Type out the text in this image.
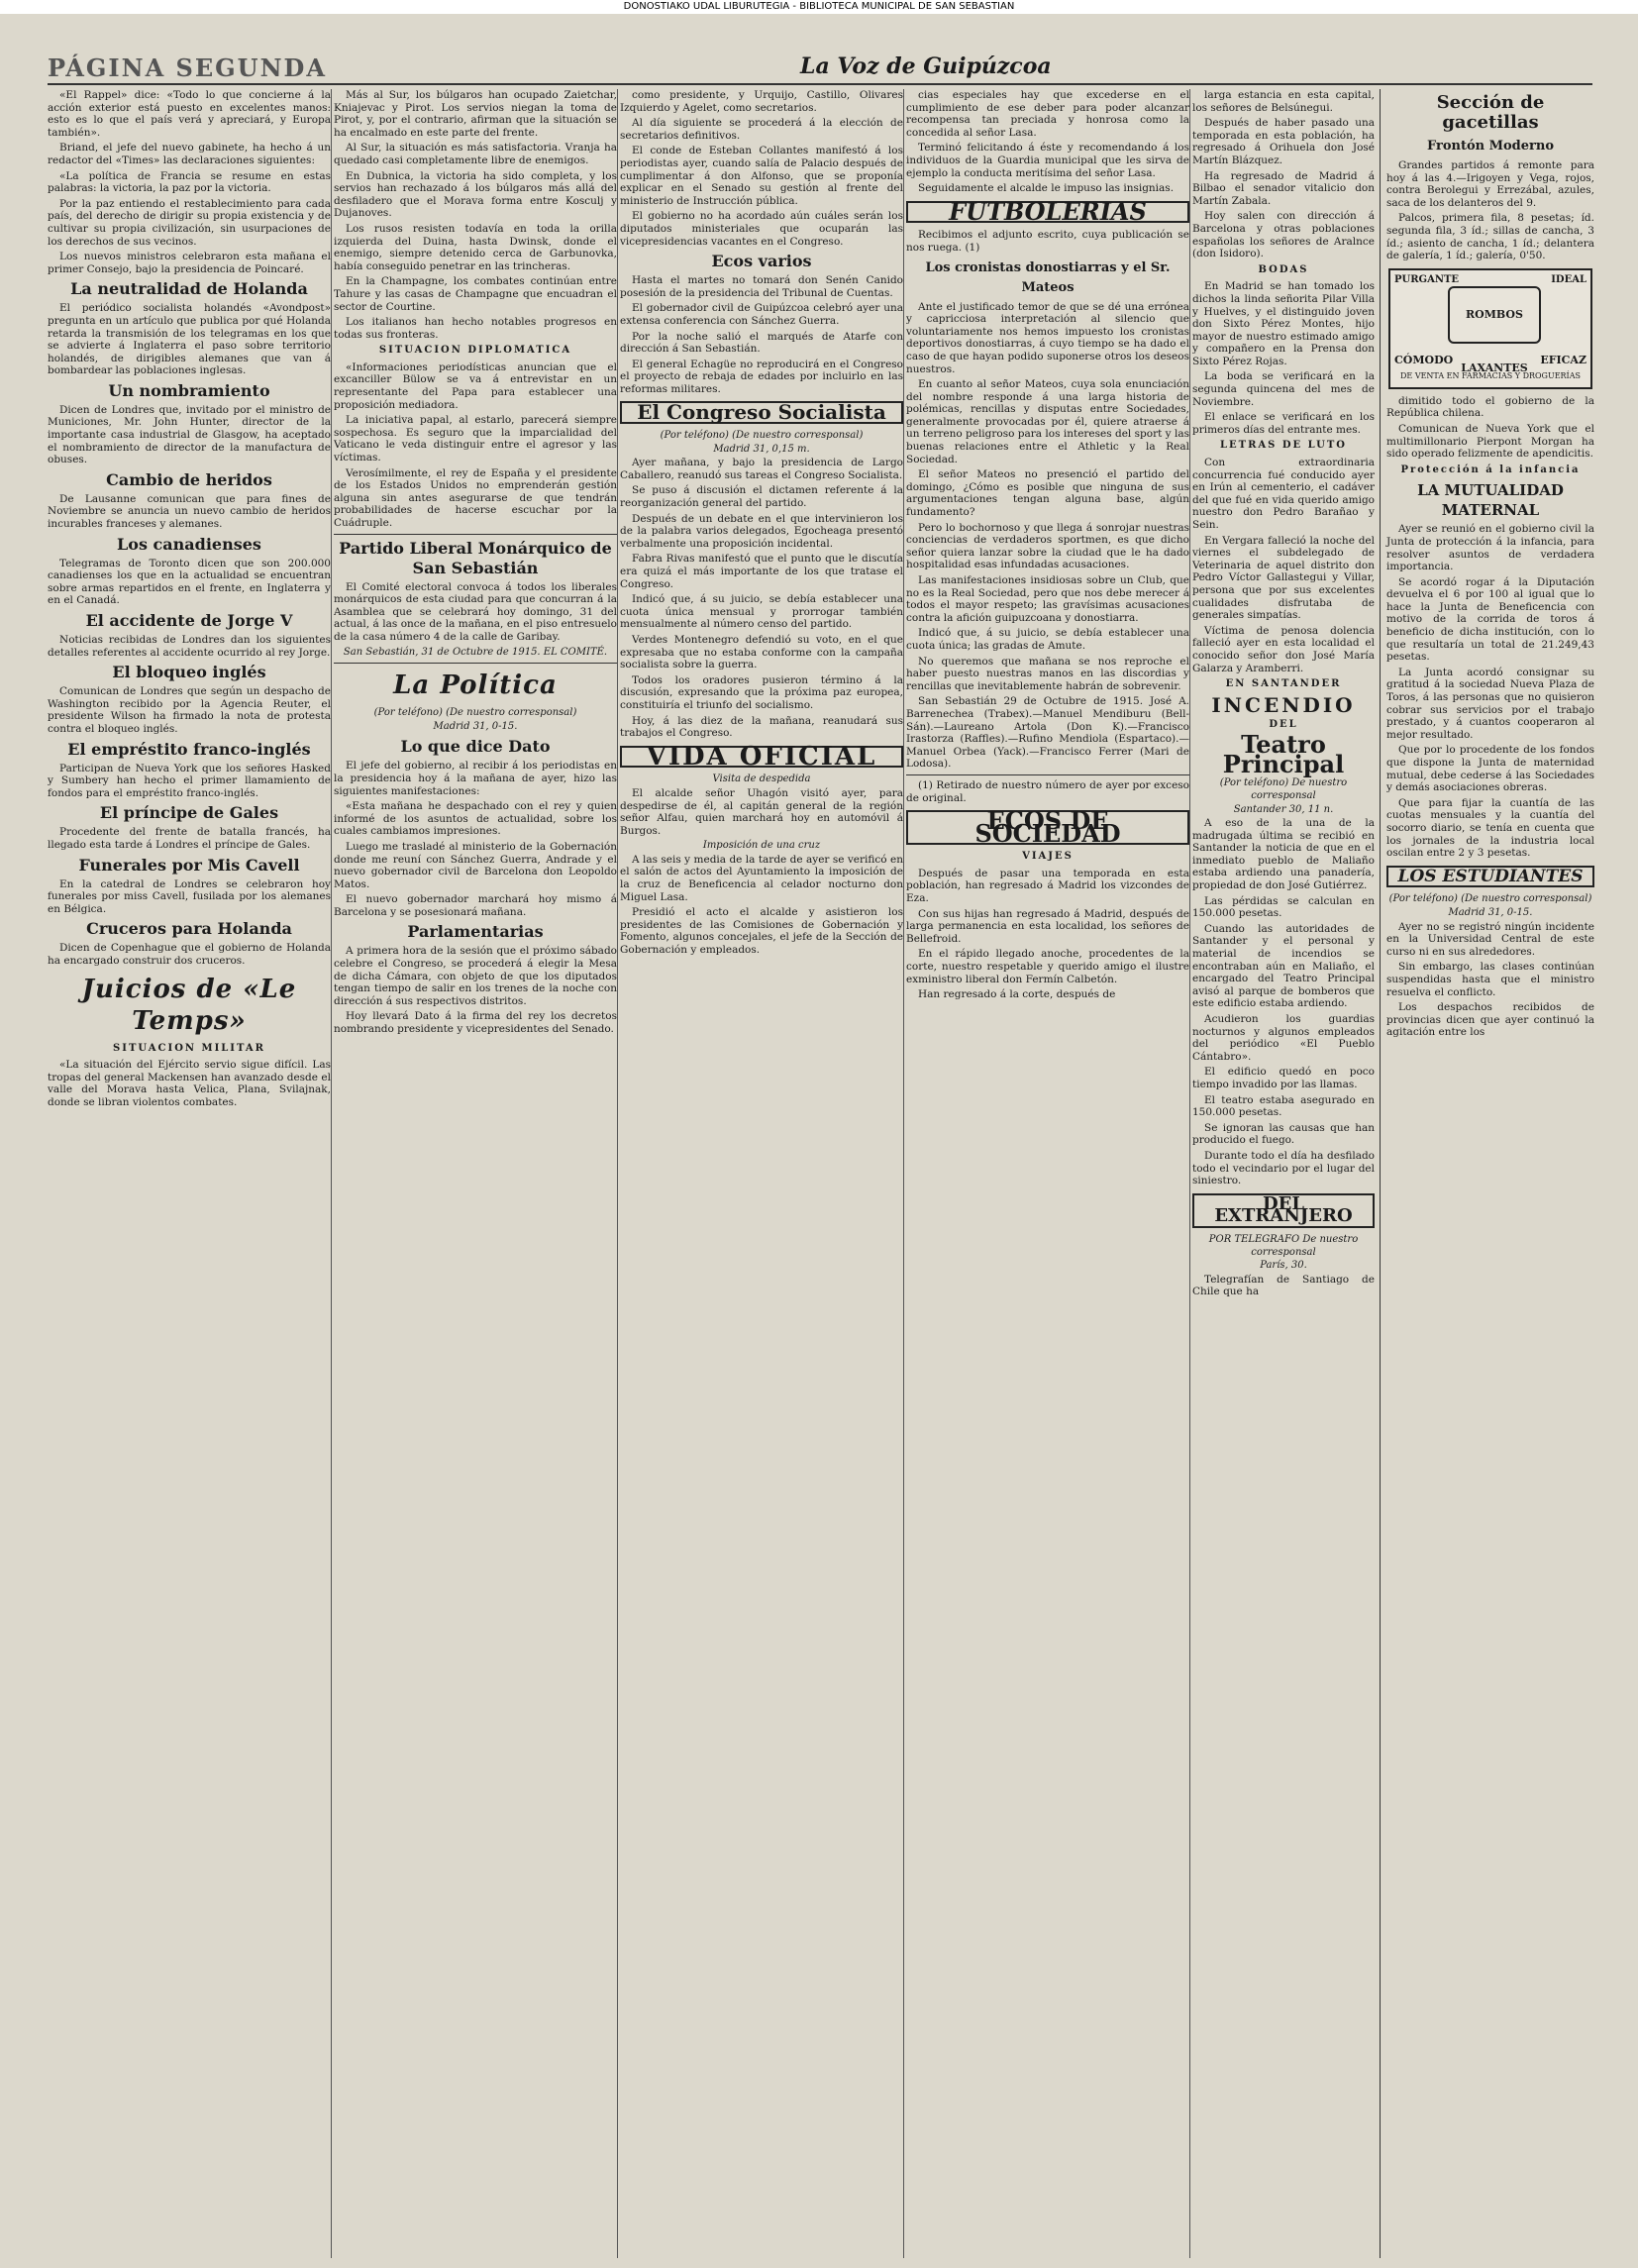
DONOSTIAKO UDAL LIBURUTEGIA - BIBLIOTECA MUNICIPAL DE SAN SEBASTIAN
PÁGINA SEGUNDA	La Voz de Guipúzcoa

«El Rappel» dice: «Todo lo que concierne á la acción exterior está puesto en excelentes manos: esto es lo que el país verá y apreciará, y Europa también».

Briand, el jefe del nuevo gabinete, ha hecho á un redactor del «Times» las declaraciones siguientes:

«La política de Francia se resume en estas palabras: la victoria, la paz por la victoria.

Por la paz entiendo el restablecimiento para cada país, del derecho de dirigir su propia existencia y de cultivar su propia civilización, sin usurpaciones de los derechos de sus vecinos.

Los nuevos ministros celebraron esta mañana el primer Consejo, bajo la presidencia de Poincaré.

La neutralidad de Holanda

El periódico socialista holandés «Avondpost» pregunta en un artículo que publica por qué Holanda retarda la transmisión de los telegramas en los que se advierte á Inglaterra el paso sobre territorio holandés, de dirigibles alemanes que van á bombardear las poblaciones inglesas.

Un nombramiento

Dicen de Londres que, invitado por el ministro de Municiones, Mr. John Hunter, director de la importante casa industrial de Glasgow, ha aceptado el nombramiento de director de la manufactura de obuses.

Cambio de heridos

De Lausanne comunican que para fines de Noviembre se anuncia un nuevo cambio de heridos incurables franceses y alemanes.

Los canadienses

Telegramas de Toronto dicen que son 200.000 canadienses los que en la actualidad se encuentran sobre armas repartidos en el frente, en Inglaterra y en el Canadá.

El accidente de Jorge V

Noticias recibidas de Londres dan los siguientes detalles referentes al accidente ocurrido al rey Jorge.

El bloqueo inglés

Comunican de Londres que según un despacho de Washington recibido por la Agencia Reuter, el presidente Wilson ha firmado la nota de protesta contra el bloqueo inglés.

El empréstito franco-inglés

Participan de Nueva York que los señores Hasked y Sumbery han hecho el primer llamamiento de fondos para el empréstito franco-inglés.

El príncipe de Gales

Procedente del frente de batalla francés, ha llegado esta tarde á Londres el príncipe de Gales.

Funerales por Mis Cavell

En la catedral de Londres se celebraron hoy funerales por miss Cavell, fusilada por los alemanes en Bélgica.

Cruceros para Holanda

Dicen de Copenhague que el gobierno de Holanda ha encargado construir dos cruceros.

Juicios de «Le Temps»
SITUACION MILITAR

«La situación del Ejército servio sigue difícil. Las tropas del general Mackensen han avanzado desde el valle del Morava hasta Velica, Plana, Svilajnak, donde se libran violentos combates.

Más al Sur, los búlgaros han ocupado Zaietchar, Kniajevac y Pirot. Los servios niegan la toma de Pirot, y, por el contrario, afirman que la situación se ha encalmado en este parte del frente.

Al Sur, la situación es más satisfactoria. Vranja ha quedado casi completamente libre de enemigos.

En Dubnica, la victoria ha sido completa, y los servios han rechazado á los búlgaros más allá del desfiladero que el Morava forma entre Kosculj y Dujanoves.

Los rusos resisten todavía en toda la orilla izquierda del Duina, hasta Dwinsk, donde el enemigo, siempre detenido cerca de Garbunovka, había conseguido penetrar en las trincheras.

En la Champagne, los combates continúan entre Tahure y las casas de Champagne que encuadran el sector de Courtine.

Los italianos han hecho notables progresos en todas sus fronteras.

SITUACION DIPLOMATICA

«Informaciones periodísticas anuncian que el excanciller Bülow se va á entrevistar en un representante del Papa para establecer una proposición mediadora.

La iniciativa papal, al estarlo, parecerá siempre sospechosa. Es seguro que la imparcialidad del Vaticano le veda distinguir entre el agresor y las víctimas.

Verosímilmente, el rey de España y el presidente de los Estados Unidos no emprenderán gestión alguna sin antes asegurarse de que tendrán probabilidades de hacerse escuchar por la Cuádruple.

Partido Liberal Monárquico de San Sebastián

El Comité electoral convoca á todos los liberales monárquicos de esta ciudad para que concurran á la Asamblea que se celebrará hoy domingo, 31 del actual, á las once de la mañana, en el piso entresuelo de la casa número 4 de la calle de Garibay.

San Sebastián, 31 de Octubre de 1915. EL COMITÉ.
La Política
(Por teléfono) (De nuestro corresponsal)
Madrid 31, 0-15.
Lo que dice Dato

El jefe del gobierno, al recibir á los periodistas en la presidencia hoy á la mañana de ayer, hizo las siguientes manifestaciones:

«Esta mañana he despachado con el rey y quien informé de los asuntos de actualidad, sobre los cuales cambiamos impresiones.

Luego me trasladé al ministerio de la Gobernación donde me reuní con Sánchez Guerra, Andrade y el nuevo gobernador civil de Barcelona don Leopoldo Matos.

El nuevo gobernador marchará hoy mismo á Barcelona y se posesionará mañana.

Parlamentarias

A primera hora de la sesión que el próximo sábado celebre el Congreso, se procederá á elegir la Mesa de dicha Cámara, con objeto de que los diputados tengan tiempo de salir en los trenes de la noche con dirección á sus respectivos distritos.

Hoy llevará Dato á la firma del rey los decretos nombrando presidente y vicepresidentes del Senado.

como presidente, y Urquijo, Castillo, Olivares Izquierdo y Agelet, como secretarios.

Al día siguiente se procederá á la elección de secretarios definitivos.

El conde de Esteban Collantes manifestó á los periodistas ayer, cuando salía de Palacio después de cumplimentar á don Alfonso, que se proponía explicar en el Senado su gestión al frente del ministerio de Instrucción pública.

El gobierno no ha acordado aún cuáles serán los diputados ministeriales que ocuparán las vicepresidencias vacantes en el Congreso.

Ecos varios

Hasta el martes no tomará don Senén Canido posesión de la presidencia del Tribunal de Cuentas.

El gobernador civil de Guipúzcoa celebró ayer una extensa conferencia con Sánchez Guerra.

Por la noche salió el marqués de Atarfe con dirección á San Sebastián.

El general Echagüe no reproducirá en el Congreso el proyecto de rebaja de edades por incluirlo en las reformas militares.

El Congreso Socialista
(Por teléfono) (De nuestro corresponsal)
Madrid 31, 0,15 m.

Ayer mañana, y bajo la presidencia de Largo Caballero, reanudó sus tareas el Congreso Socialista.

Se puso á discusión el dictamen referente á la reorganización general del partido.

Después de un debate en el que intervinieron los de la palabra varios delegados, Egocheaga presentó verbalmente una proposición incidental.

Fabra Rivas manifestó que el punto que le discutía era quizá el más importante de los que tratase el Congreso.

Indicó que, á su juicio, se debía establecer una cuota única mensual y prorrogar también mensualmente al número censo del partido.

Verdes Montenegro defendió su voto, en el que expresaba que no estaba conforme con la campaña socialista sobre la guerra.

Todos los oradores pusieron término á la discusión, expresando que la próxima paz europea, constituiría el triunfo del socialismo.

Hoy, á las diez de la mañana, reanudará sus trabajos el Congreso.

VIDA OFICIAL
Visita de despedida

El alcalde señor Uhagón visitó ayer, para despedirse de él, al capitán general de la región señor Alfau, quien marchará hoy en automóvil á Burgos.

Imposición de una cruz

A las seis y media de la tarde de ayer se verificó en el salón de actos del Ayuntamiento la imposición de la cruz de Beneficencia al celador nocturno don Miguel Lasa.

Presidió el acto el alcalde y asistieron los presidentes de las Comisiones de Gobernación y Fomento, algunos concejales, el jefe de la Sección de Gobernación y empleados.

cias especiales hay que excederse en el cumplimiento de ese deber para poder alcanzar recompensa tan preciada y honrosa como la concedida al señor Lasa.

Terminó felicitando á éste y recomendando á los individuos de la Guardia municipal que les sirva de ejemplo la conducta meritísima del señor Lasa.

Seguidamente el alcalde le impuso las insignias.

FUTBOLERIAS

Recibimos el adjunto escrito, cuya publicación se nos ruega. (1)

Los cronistas donostiarras y el Sr. Mateos

Ante el justificado temor de que se dé una errónea y capricciosa interpretación al silencio que voluntariamente nos hemos impuesto los cronistas deportivos donostiarras, á cuyo tiempo se ha dado el caso de que hayan podido suponerse otros los deseos nuestros.

En cuanto al señor Mateos, cuya sola enunciación del nombre responde á una larga historia de polémicas, rencillas y disputas entre Sociedades, generalmente provocadas por él, quiere atraerse á un terreno peligroso para los intereses del sport y las buenas relaciones entre el Athletic y la Real Sociedad.

El señor Mateos no presenció el partido del domingo, ¿Cómo es posible que ninguna de sus argumentaciones tengan alguna base, algún fundamento?

Pero lo bochornoso y que llega á sonrojar nuestras conciencias de verdaderos sportmen, es que dicho señor quiera lanzar sobre la ciudad que le ha dado hospitalidad esas infundadas acusaciones.

Las manifestaciones insidiosas sobre un Club, que no es la Real Sociedad, pero que nos debe merecer á todos el mayor respeto; las gravísimas acusaciones contra la afición guipuzcoana y donostiarra.

Indicó que, á su juicio, se debía establecer una cuota única; las gradas de Amute.

No queremos que mañana se nos reproche el haber puesto nuestras manos en las discordias y rencillas que inevitablemente habrán de sobrevenir.

San Sebastián 29 de Octubre de 1915. José A. Barrenechea (Trabex).—Manuel Mendiburu (Bell-Sán).—Laureano Artola (Don K).—Francisco Irastorza (Raffles).—Rufino Mendiola (Espartaco).—Manuel Orbea (Yack).—Francisco Ferrer (Mari de Lodosa).

(1) Retirado de nuestro número de ayer por exceso de original.

ECOS DE SOCIEDAD
VIAJES

Después de pasar una temporada en esta población, han regresado á Madrid los vizcondes de Eza.

Con sus hijas han regresado á Madrid, después de larga permanencia en esta localidad, los señores de Bellefroid.

En el rápido llegado anoche, procedentes de la corte, nuestro respetable y querido amigo el ilustre exministro liberal don Fermín Calbetón.

Han regresado á la corte, después de

larga estancia en esta capital, los señores de Belsúnegui.

Después de haber pasado una temporada en esta población, ha regresado á Orihuela don José Martín Blázquez.

Ha regresado de Madrid á Bilbao el senador vitalicio don Martín Zabala.

Hoy salen con dirección á Barcelona y otras poblaciones españolas los señores de Aralnce (don Isidoro).

BODAS

En Madrid se han tomado los dichos la linda señorita Pilar Villa y Huelves, y el distinguido joven don Sixto Pérez Montes, hijo mayor de nuestro estimado amigo y compañero en la Prensa don Sixto Pérez Rojas.

La boda se verificará en la segunda quincena del mes de Noviembre.

El enlace se verificará en los primeros días del entrante mes.

LETRAS DE LUTO

Con extraordinaria concurrencia fué conducido ayer en Irún al cementerio, el cadáver del que fué en vida querido amigo nuestro don Pedro Barañao y Sein.

En Vergara falleció la noche del viernes el subdelegado de Veterinaria de aquel distrito don Pedro Víctor Gallastegui y Villar, persona que por sus excelentes cualidades disfrutaba de generales simpatías.

Víctima de penosa dolencia falleció ayer en esta localidad el conocido señor don José María Galarza y Aramberri.

EN SANTANDER
INCENDIO
DEL
Teatro Principal
(Por teléfono) De nuestro corresponsal
Santander 30, 11 n.

A eso de la una de la madrugada última se recibió en Santander la noticia de que en el inmediato pueblo de Maliaño estaba ardiendo una panadería, propiedad de don José Gutiérrez.

Las pérdidas se calculan en 150.000 pesetas.

Cuando las autoridades de Santander y el personal y material de incendios se encontraban aún en Maliaño, el encargado del Teatro Principal avisó al parque de bomberos que este edificio estaba ardiendo.

Acudieron los guardias nocturnos y algunos empleados del periódico «El Pueblo Cántabro».

El edificio quedó en poco tiempo invadido por las llamas.

El teatro estaba asegurado en 150.000 pesetas.

Se ignoran las causas que han producido el fuego.

Durante todo el día ha desfilado todo el vecindario por el lugar del siniestro.

DEL EXTRANJERO
POR TELEGRAFO De nuestro corresponsal
París, 30.

Telegrafían de Santiago de Chile que ha

Sección de gacetillas
Frontón Moderno

Grandes partidos á remonte para hoy á las 4.—Irigoyen y Vega, rojos, contra Berolegui y Errezábal, azules, saca de los delanteros del 9.

Palcos, primera fila, 8 pesetas; íd. segunda fila, 3 íd.; sillas de cancha, 3 íd.; asiento de cancha, 1 íd.; delantera de galería, 1 íd.; galería, 0'50.

PURGANTE	IDEAL
ROMBOS LAXANTES
CÓMODO	EFICAZ
DE VENTA EN FARMACIAS Y DROGUERÍAS

dimitido todo el gobierno de la República chilena.

Comunican de Nueva York que el multimillonario Pierpont Morgan ha sido operado felizmente de apendicitis.

Protección á la infancia
LA MUTUALIDAD MATERNAL

Ayer se reunió en el gobierno civil la Junta de protección á la infancia, para resolver asuntos de verdadera importancia.

Se acordó rogar á la Diputación devuelva el 6 por 100 al igual que lo hace la Junta de Beneficencia con motivo de la corrida de toros á beneficio de dicha institución, con lo que resultaría un total de 21.249,43 pesetas.

La Junta acordó consignar su gratitud á la sociedad Nueva Plaza de Toros, á las personas que no quisieron cobrar sus servicios por el trabajo prestado, y á cuantos cooperaron al mejor resultado.

Que por lo procedente de los fondos que dispone la Junta de maternidad mutual, debe cederse á las Sociedades y demás asociaciones obreras.

Que para fijar la cuantía de las cuotas mensuales y la cuantía del socorro diario, se tenía en cuenta que los jornales de la industria local oscilan entre 2 y 3 pesetas.

LOS ESTUDIANTES
(Por teléfono) (De nuestro corresponsal)
Madrid 31, 0-15.

Ayer no se registró ningún incidente en la Universidad Central de este curso ni en sus alrededores.

Sin embargo, las clases continúan suspendidas hasta que el ministro resuelva el conflicto.

Los despachos recibidos de provincias dicen que ayer continuó la agitación entre los
